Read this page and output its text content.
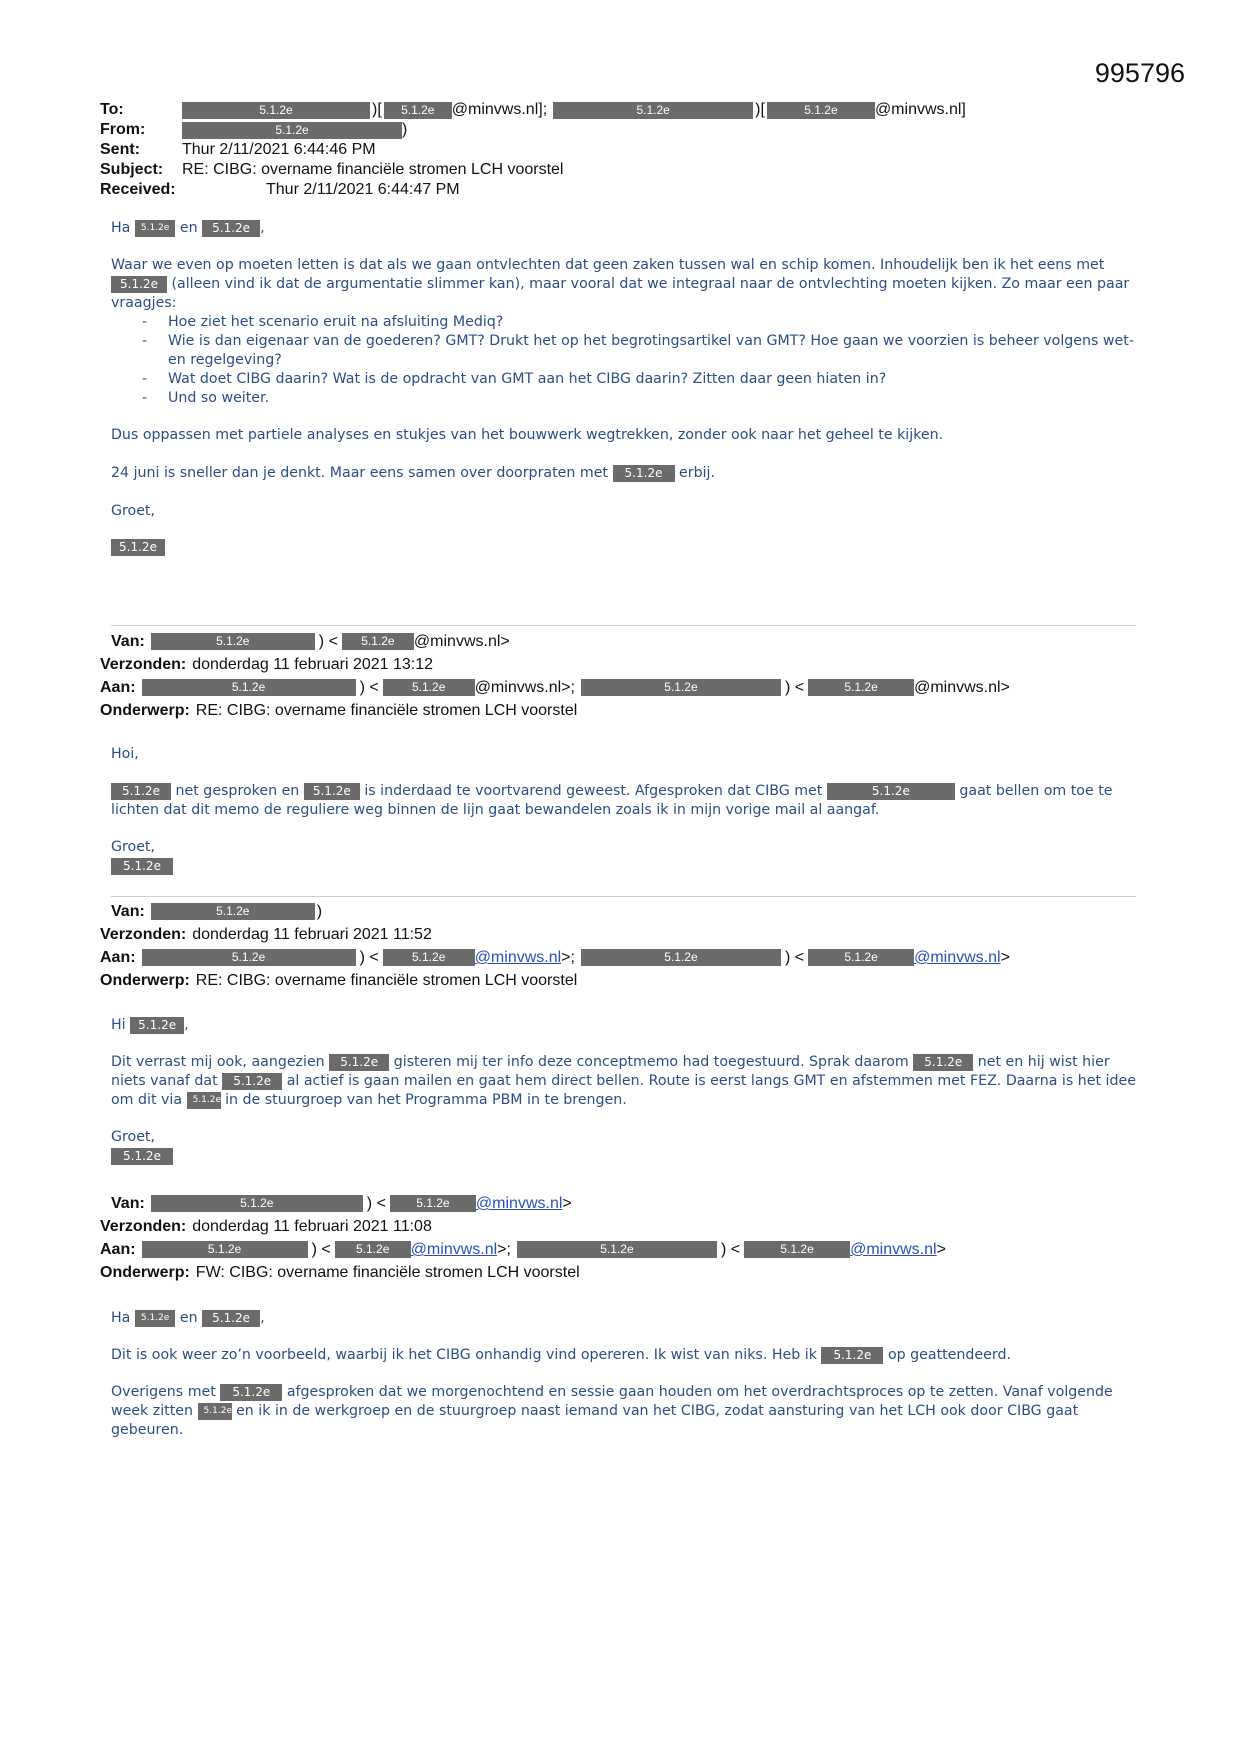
995796
To:	5.1.2e	)[	5.1.2e	@minvws.nl];	5.1.2e	)[	5.1.2e	@minvws.nl]
From:	5.1.2e	)
Sent:	Thur 2/11/2021 6:44:46 PM
Subject:	RE: CIBG: overname financiële stromen LCH voorstel
Received:	Thur 2/11/2021 6:44:47 PM

Ha 5.1.2e en 5.1.2e ,

Waar we even op moeten letten is dat als we gaan ontvlechten dat geen zaken tussen wal en schip komen. Inhoudelijk ben ik het eens met 5.1.2e (alleen vind ik dat de argumentatie slimmer kan), maar vooral dat we integraal naar de ontvlechting moeten kijken. Zo maar een paar vraagjes:

- Hoe ziet het scenario eruit na afsluiting Mediq?
- Wie is dan eigenaar van de goederen? GMT? Drukt het op het begrotingsartikel van GMT? Hoe gaan we voorzien is beheer volgens wet- en regelgeving?
- Wat doet CIBG daarin? Wat is de opdracht van GMT aan het CIBG daarin? Zitten daar geen hiaten in?
- Und so weiter.

Dus oppassen met partiele analyses en stukjes van het bouwwerk wegtrekken, zonder ook naar het geheel te kijken.

24 juni is sneller dan je denkt. Maar eens samen over doorpraten met 5.1.2e erbij.

Groet,

5.1.2e

Van:	5.1.2e	) <	5.1.2e	@minvws.nl>
Verzonden: donderdag 11 februari 2021 13:12
Aan:	5.1.2e	) <	5.1.2e	@minvws.nl>;	5.1.2e	) <	5.1.2e	@minvws.nl>
Onderwerp: RE: CIBG: overname financiële stromen LCH voorstel

Hoi,

5.1.2e net gesproken en 5.1.2e is inderdaad te voortvarend geweest. Afgesproken dat CIBG met	5.1.2e	gaat bellen om toe te lichten dat dit memo de reguliere weg binnen de lijn gaat bewandelen zoals ik in mijn vorige mail al aangaf.

Groet,

5.1.2e

Van:	5.1.2e	)
Verzonden: donderdag 11 februari 2021 11:52
Aan:	5.1.2e	) <	5.1.2e	@minvws.nl >;	5.1.2e	) <	5.1.2e	@minvws.nl >
Onderwerp: RE: CIBG: overname financiële stromen LCH voorstel

Hi 5.1.2e ,

Dit verrast mij ook, aangezien 5.1.2e gisteren mij ter info deze conceptmemo had toegestuurd. Sprak daarom 5.1.2e net en hij wist hier niets vanaf dat 5.1.2e al actief is gaan mailen en gaat hem direct bellen. Route is eerst langs GMT en afstemmen met FEZ. Daarna is het idee om dit via 5.1.2e in de stuurgroep van het Programma PBM in te brengen.

Groet,

5.1.2e

Van:	5.1.2e	) <	5.1.2e	@minvws.nl >
Verzonden: donderdag 11 februari 2021 11:08
Aan:	5.1.2e	) <	5.1.2e	@minvws.nl >;	5.1.2e	) <	5.1.2e	@minvws.nl >
Onderwerp: FW: CIBG: overname financiële stromen LCH voorstel

Ha 5.1.2e en 5.1.2e ,

Dit is ook weer zo’n voorbeeld, waarbij ik het CIBG onhandig vind opereren. Ik wist van niks. Heb ik 5.1.2e op geattendeerd.

Overigens met 5.1.2e afgesproken dat we morgenochtend en sessie gaan houden om het overdrachtsproces op te zetten. Vanaf volgende week zitten 5.1.2e en ik in de werkgroep en de stuurgroep naast iemand van het CIBG, zodat aansturing van het LCH ook door CIBG gaat gebeuren.
